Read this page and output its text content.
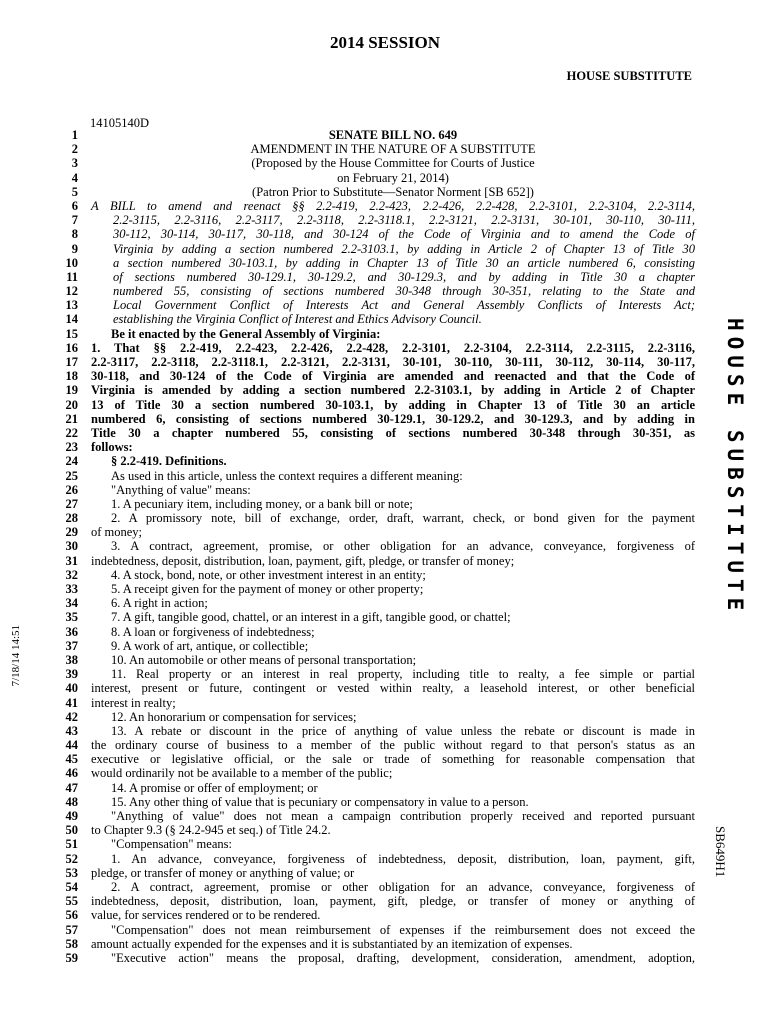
2014 SESSION
HOUSE SUBSTITUTE
14105140D
1	SENATE BILL NO. 649
2	AMENDMENT IN THE NATURE OF A SUBSTITUTE
3	(Proposed by the House Committee for Courts of Justice
4	on February 21, 2014)
5	(Patron Prior to Substitute—Senator Norment [SB 652])
6 A BILL to amend and reenact §§ 2.2-419, 2.2-423, 2.2-426, 2.2-428, 2.2-3101, 2.2-3104, 2.2-3114,
7	2.2-3115, 2.2-3116, 2.2-3117, 2.2-3118, 2.2-3118.1, 2.2-3121, 2.2-3131, 30-101, 30-110, 30-111,
8	30-112, 30-114, 30-117, 30-118, and 30-124 of the Code of Virginia and to amend the Code of
9	Virginia by adding a section numbered 2.2-3103.1, by adding in Article 2 of Chapter 13 of Title 30
10	a section numbered 30-103.1, by adding in Chapter 13 of Title 30 an article numbered 6, consisting
11	of sections numbered 30-129.1, 30-129.2, and 30-129.3, and by adding in Title 30 a chapter
12	numbered 55, consisting of sections numbered 30-348 through 30-351, relating to the State and
13	Local Government Conflict of Interests Act and General Assembly Conflicts of Interests Act;
14	establishing the Virginia Conflict of Interest and Ethics Advisory Council.
15	Be it enacted by the General Assembly of Virginia:
16 1. That §§ 2.2-419, 2.2-423, 2.2-426, 2.2-428, 2.2-3101, 2.2-3104, 2.2-3114, 2.2-3115, 2.2-3116,
17 2.2-3117, 2.2-3118, 2.2-3118.1, 2.2-3121, 2.2-3131, 30-101, 30-110, 30-111, 30-112, 30-114, 30-117,
18 30-118, and 30-124 of the Code of Virginia are amended and reenacted and that the Code of
19 Virginia is amended by adding a section numbered 2.2-3103.1, by adding in Article 2 of Chapter
20 13 of Title 30 a section numbered 30-103.1, by adding in Chapter 13 of Title 30 an article
21 numbered 6, consisting of sections numbered 30-129.1, 30-129.2, and 30-129.3, and by adding in
22 Title 30 a chapter numbered 55, consisting of sections numbered 30-348 through 30-351, as
23 follows:
24	§ 2.2-419. Definitions.
25	As used in this article, unless the context requires a different meaning:
26	"Anything of value" means:
27	1. A pecuniary item, including money, or a bank bill or note;
28	2. A promissory note, bill of exchange, order, draft, warrant, check, or bond given for the payment
29 of money;
30	3. A contract, agreement, promise, or other obligation for an advance, conveyance, forgiveness of
31 indebtedness, deposit, distribution, loan, payment, gift, pledge, or transfer of money;
32	4. A stock, bond, note, or other investment interest in an entity;
33	5. A receipt given for the payment of money or other property;
34	6. A right in action;
35	7. A gift, tangible good, chattel, or an interest in a gift, tangible good, or chattel;
36	8. A loan or forgiveness of indebtedness;
37	9. A work of art, antique, or collectible;
38	10. An automobile or other means of personal transportation;
39	11. Real property or an interest in real property, including title to realty, a fee simple or partial
40 interest, present or future, contingent or vested within realty, a leasehold interest, or other beneficial
41 interest in realty;
42	12. An honorarium or compensation for services;
43	13. A rebate or discount in the price of anything of value unless the rebate or discount is made in
44 the ordinary course of business to a member of the public without regard to that person's status as an
45 executive or legislative official, or the sale or trade of something for reasonable compensation that
46 would ordinarily not be available to a member of the public;
47	14. A promise or offer of employment; or
48	15. Any other thing of value that is pecuniary or compensatory in value to a person.
49	"Anything of value" does not mean a campaign contribution properly received and reported pursuant
50 to Chapter 9.3 (§ 24.2-945 et seq.) of Title 24.2.
51	"Compensation" means:
52	1. An advance, conveyance, forgiveness of indebtedness, deposit, distribution, loan, payment, gift,
53 pledge, or transfer of money or anything of value; or
54	2. A contract, agreement, promise or other obligation for an advance, conveyance, forgiveness of
55 indebtedness, deposit, distribution, loan, payment, gift, pledge, or transfer of money or anything of
56 value, for services rendered or to be rendered.
57	"Compensation" does not mean reimbursement of expenses if the reimbursement does not exceed the
58 amount actually expended for the expenses and it is substantiated by an itemization of expenses.
59	"Executive action" means the proposal, drafting, development, consideration, amendment, adoption,
HOUSE SUBSTITUTE
SB649H1
7/18/14 14:51
